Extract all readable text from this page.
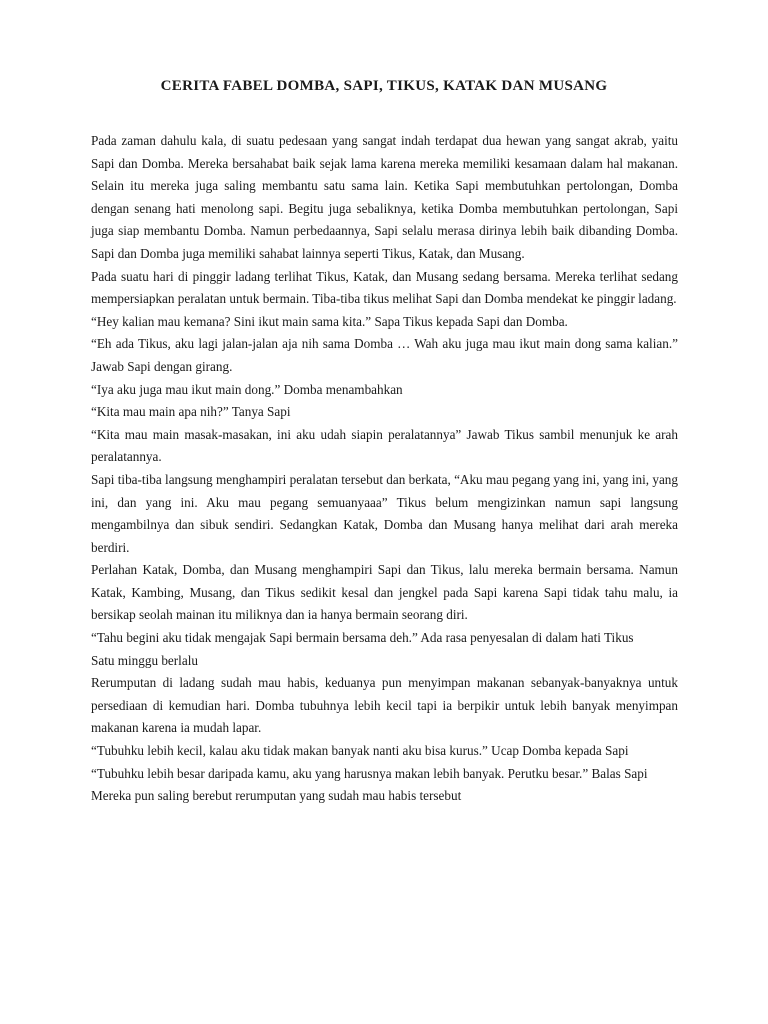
CERITA FABEL DOMBA, SAPI, TIKUS, KATAK DAN MUSANG

Pada zaman dahulu kala, di suatu pedesaan yang sangat indah terdapat dua hewan yang sangat akrab, yaitu Sapi dan Domba. Mereka bersahabat baik sejak lama karena mereka memiliki kesamaan dalam hal makanan. Selain itu mereka juga saling membantu satu sama lain. Ketika Sapi membutuhkan pertolongan, Domba dengan senang hati menolong sapi. Begitu juga sebaliknya, ketika Domba membutuhkan pertolongan, Sapi juga siap membantu Domba. Namun perbedaannya, Sapi selalu merasa dirinya lebih baik dibanding Domba. Sapi dan Domba juga memiliki sahabat lainnya seperti Tikus, Katak, dan Musang.

Pada suatu hari di pinggir ladang terlihat Tikus, Katak, dan Musang sedang bersama. Mereka terlihat sedang mempersiapkan peralatan untuk bermain. Tiba-tiba tikus melihat Sapi dan Domba mendekat ke pinggir ladang.

“Hey kalian mau kemana? Sini ikut main sama kita.” Sapa Tikus kepada Sapi dan Domba.

“Eh ada Tikus, aku lagi jalan-jalan aja nih sama Domba … Wah aku juga mau ikut main dong sama kalian.” Jawab Sapi dengan girang.

“Iya aku juga mau ikut main dong.” Domba menambahkan

“Kita mau main apa nih?” Tanya Sapi

“Kita mau main masak-masakan, ini aku udah siapin peralatannya” Jawab Tikus sambil menunjuk ke arah peralatannya.

Sapi tiba-tiba langsung menghampiri peralatan tersebut dan berkata, “Aku mau pegang yang ini, yang ini, yang ini, dan yang ini. Aku mau pegang semuanyaaa” Tikus belum mengizinkan namun sapi langsung mengambilnya dan sibuk sendiri. Sedangkan Katak, Domba dan Musang hanya melihat dari arah mereka berdiri.

Perlahan Katak, Domba, dan Musang menghampiri Sapi dan Tikus, lalu mereka bermain bersama. Namun Katak, Kambing, Musang, dan Tikus sedikit kesal dan jengkel pada Sapi karena Sapi tidak tahu malu, ia bersikap seolah mainan itu miliknya dan ia hanya bermain seorang diri.

“Tahu begini aku tidak mengajak Sapi bermain bersama deh.” Ada rasa penyesalan di dalam hati Tikus

Satu minggu berlalu

Rerumputan di ladang sudah mau habis, keduanya pun menyimpan makanan sebanyak-banyaknya untuk persediaan di kemudian hari. Domba tubuhnya lebih kecil tapi ia berpikir untuk lebih banyak menyimpan makanan karena ia mudah lapar.

“Tubuhku lebih kecil, kalau aku tidak makan banyak nanti aku bisa kurus.” Ucap Domba kepada Sapi

“Tubuhku lebih besar daripada kamu, aku yang harusnya makan lebih banyak. Perutku besar.” Balas Sapi

Mereka pun saling berebut rerumputan yang sudah mau habis tersebut
